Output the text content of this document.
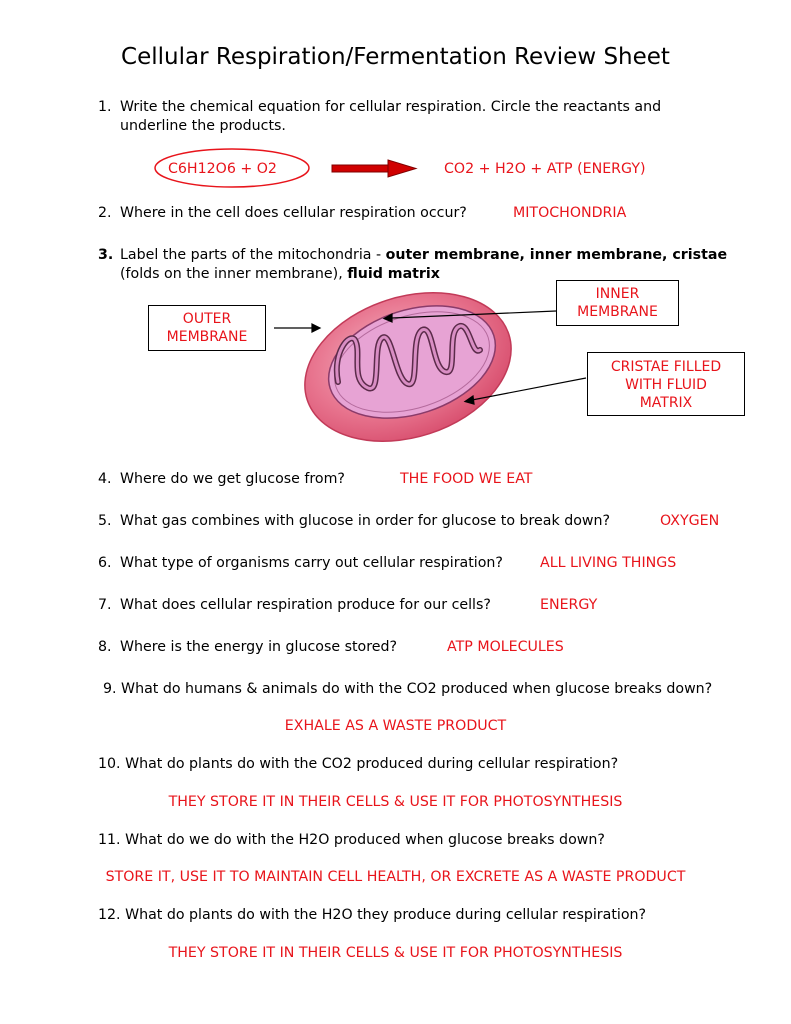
Cellular Respiration/Fermentation Review Sheet
1. Write the chemical equation for cellular respiration. Circle the reactants and
underline the products.
C6H12O6 + O2	CO2 + H2O + ATP (ENERGY)
2. Where in the cell does cellular respiration occur?	MITOCHONDRIA
3. Label the parts of the mitochondria - outer membrane, inner membrane, cristae
(folds on the inner membrane), fluid matrix
OUTER
MEMBRANE
INNER
MEMBRANE
CRISTAE FILLED
WITH FLUID
MATRIX
4. Where do we get glucose from?	THE FOOD WE EAT
5. What gas combines with glucose in order for glucose to break down?	OXYGEN
6. What type of organisms carry out cellular respiration?	ALL LIVING THINGS
7. What does cellular respiration produce for our cells?	ENERGY
8. Where is the energy in glucose stored?	ATP MOLECULES
9. What do humans & animals do with the CO2 produced when glucose breaks down?
EXHALE AS A WASTE PRODUCT
10. What do plants do with the CO2 produced during cellular respiration?
THEY STORE IT IN THEIR CELLS & USE IT FOR PHOTOSYNTHESIS
11. What do we do with the H2O produced when glucose breaks down?
STORE IT, USE IT TO MAINTAIN CELL HEALTH, OR EXCRETE AS A WASTE PRODUCT
12. What do plants do with the H2O they produce during cellular respiration?
THEY STORE IT IN THEIR CELLS & USE IT FOR PHOTOSYNTHESIS
